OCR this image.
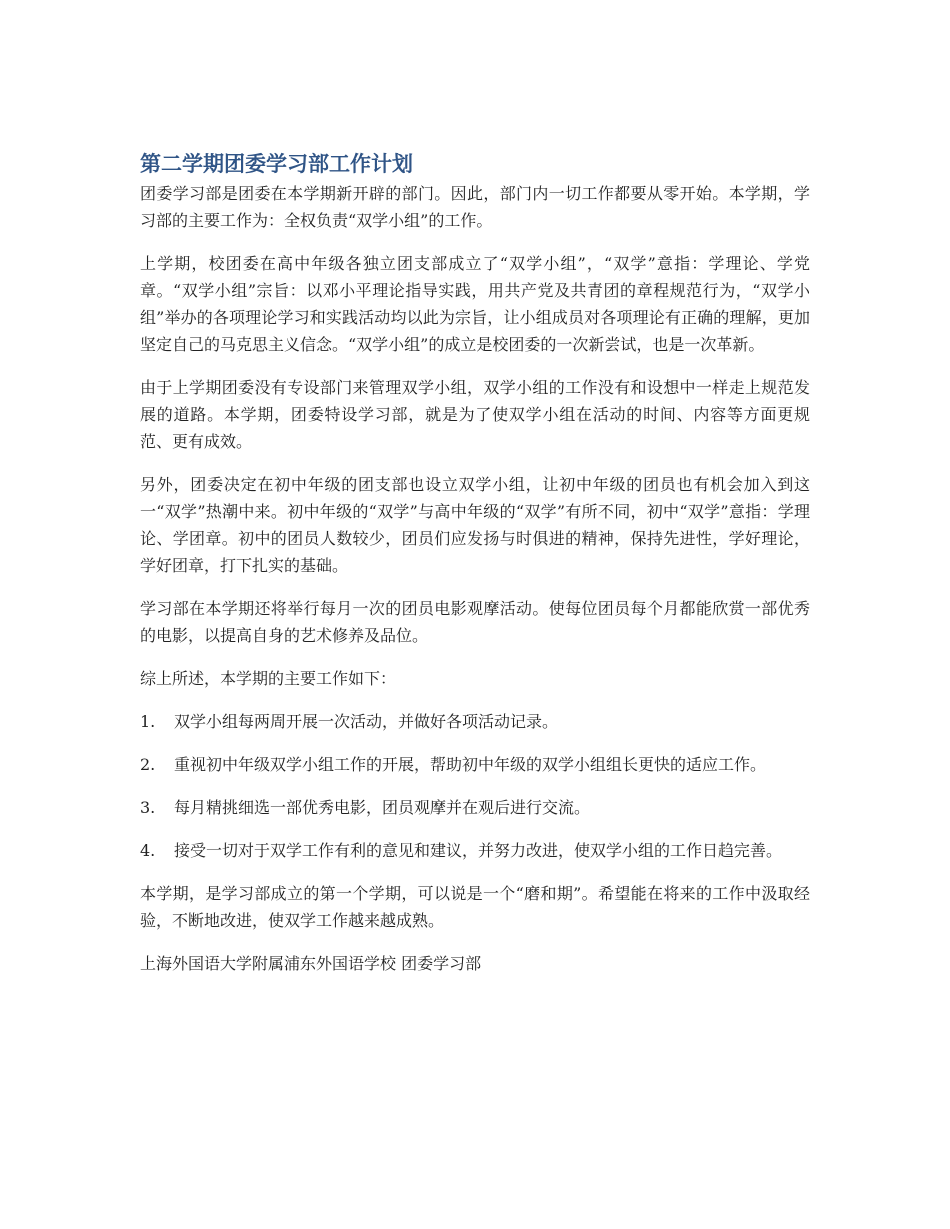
第二学期团委学习部工作计划

团委学习部是团委在本学期新开辟的部门。因此，部门内一切工作都要从零开始。本学期，学习部的主要工作为：全权负责“双学小组”的工作。

上学期，校团委在高中年级各独立团支部成立了“双学小组”，“双学”意指：学理论、学党章。“双学小组”宗旨：以邓小平理论指导实践，用共产党及共青团的章程规范行为，“双学小组”举办的各项理论学习和实践活动均以此为宗旨，让小组成员对各项理论有正确的理解，更加坚定自己的马克思主义信念。“双学小组”的成立是校团委的一次新尝试，也是一次革新。

由于上学期团委没有专设部门来管理双学小组，双学小组的工作没有和设想中一样走上规范发展的道路。本学期，团委特设学习部，就是为了使双学小组在活动的时间、内容等方面更规范、更有成效。

另外，团委决定在初中年级的团支部也设立双学小组，让初中年级的团员也有机会加入到这一“双学”热潮中来。初中年级的“双学”与高中年级的“双学”有所不同，初中“双学”意指：学理论、学团章。初中的团员人数较少，团员们应发扬与时俱进的精神，保持先进性，学好理论，学好团章，打下扎实的基础。

学习部在本学期还将举行每月一次的团员电影观摩活动。使每位团员每个月都能欣赏一部优秀的电影，以提高自身的艺术修养及品位。

综上所述，本学期的主要工作如下：

1. 双学小组每两周开展一次活动，并做好各项活动记录。
2. 重视初中年级双学小组工作的开展，帮助初中年级的双学小组组长更快的适应工作。
3. 每月精挑细选一部优秀电影，团员观摩并在观后进行交流。
4. 接受一切对于双学工作有利的意见和建议，并努力改进，使双学小组的工作日趋完善。

本学期，是学习部成立的第一个学期，可以说是一个“磨和期”。希望能在将来的工作中汲取经验，不断地改进，使双学工作越来越成熟。

上海外国语大学附属浦东外国语学校 团委学习部
